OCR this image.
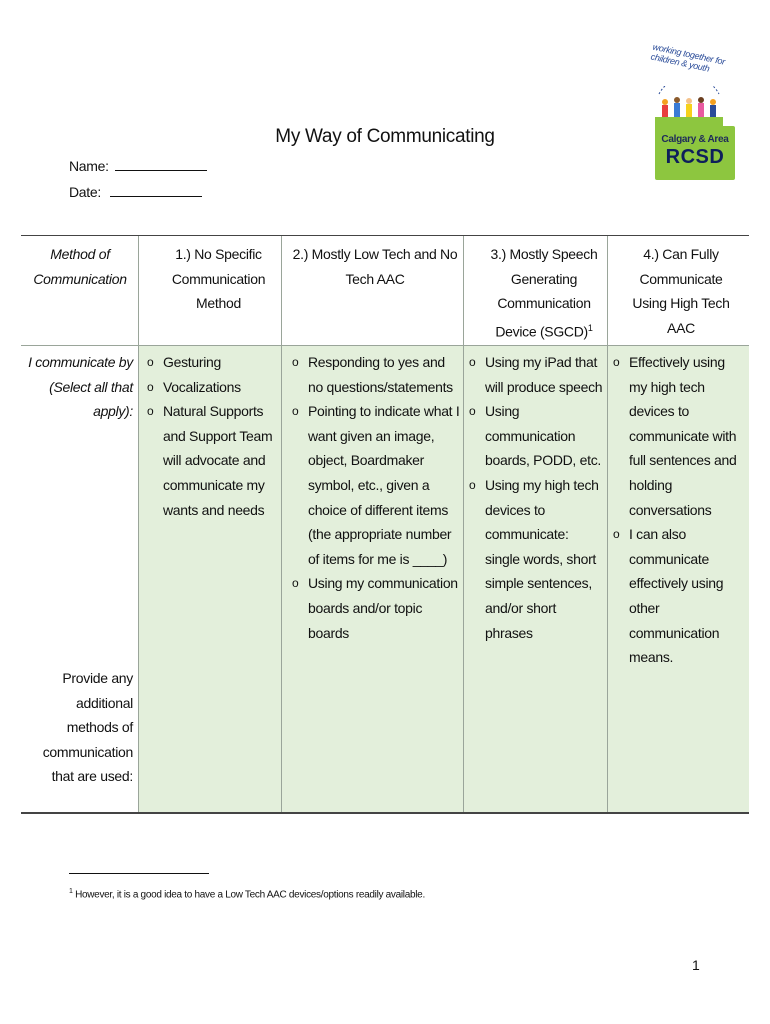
working together for children & youth
Calgary & Area
RCSD
My Way of Communicating
Name:
Date:
Method of Communication
1.) No Specific Communication Method
2.) Mostly Low Tech and No Tech AAC
3.) Mostly Speech Generating Communication Device (SGCD)$^1$
4.) Can Fully Communicate Using High Tech AAC
I communicate by (Select all that apply):
Provide any additional methods of communication that are used:
o Gesturing
o Vocalizations
o Natural Supports and Support Team will advocate and communicate my wants and needs
o Responding to yes and no questions/statements
o Pointing to indicate what I want given an image, object, Boardmaker symbol, etc., given a choice of different items (the appropriate number of items for me is ____)
o Using my communication boards and/or topic boards
o Using my iPad that will produce speech
o Using communication boards, PODD, etc.
o Using my high tech devices to communicate: single words, short simple sentences, and/or short phrases
o Effectively using my high tech devices to communicate with full sentences and holding conversations
o I can also communicate effectively using other communication means.
$^1$ However, it is a good idea to have a Low Tech AAC devices/options readily available.
1
